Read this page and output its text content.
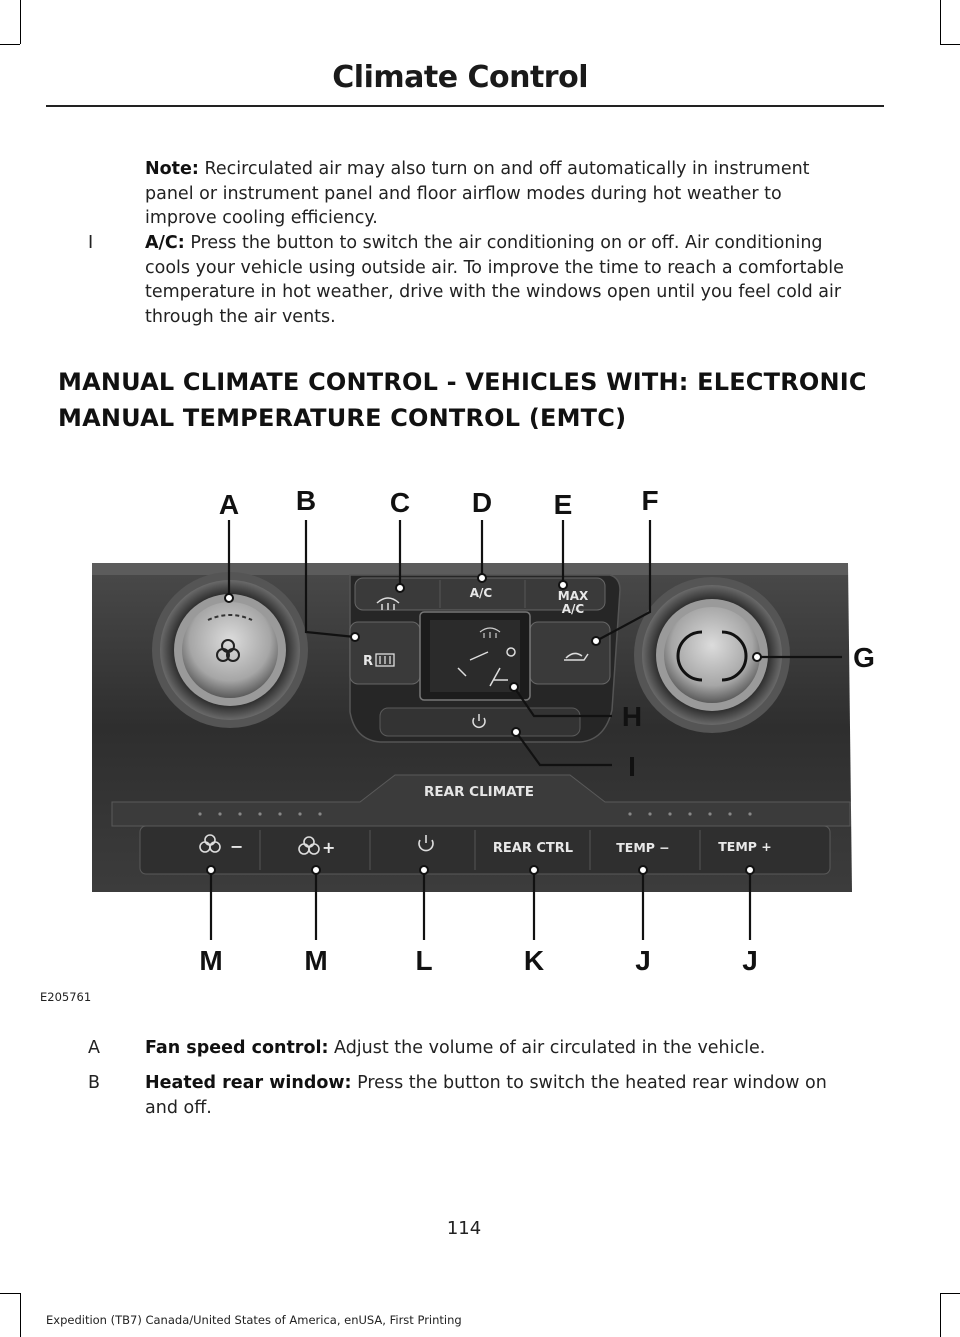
Climate Control

Note: Recirculated air may also turn on and off automatically in instrument panel or instrument panel and floor airflow modes during hot weather to improve cooling efficiency.

I	A/C: Press the button to switch the air conditioning on or off. Air conditioning cools your vehicle using outside air. To improve the time to reach a comfortable temperature in hot weather, drive with the windows open until you feel cold air through the air vents.

MANUAL CLIMATE CONTROL - VEHICLES WITH: ELECTRONIC MANUAL TEMPERATURE CONTROL (EMTC)
REAR CLIMATE
A/C	MAX
A/C
R
REAR CTRL	TEMP −	TEMP +
−	+
A B	C D E F
G
H
I
M	M	L	K	J	J
E205761
A	Fan speed control: Adjust the volume of air circulated in the vehicle.

B	Heated rear window: Press the button to switch the heated rear window on and off.

114
Expedition (TB7) Canada/United States of America, enUSA, First Printing
